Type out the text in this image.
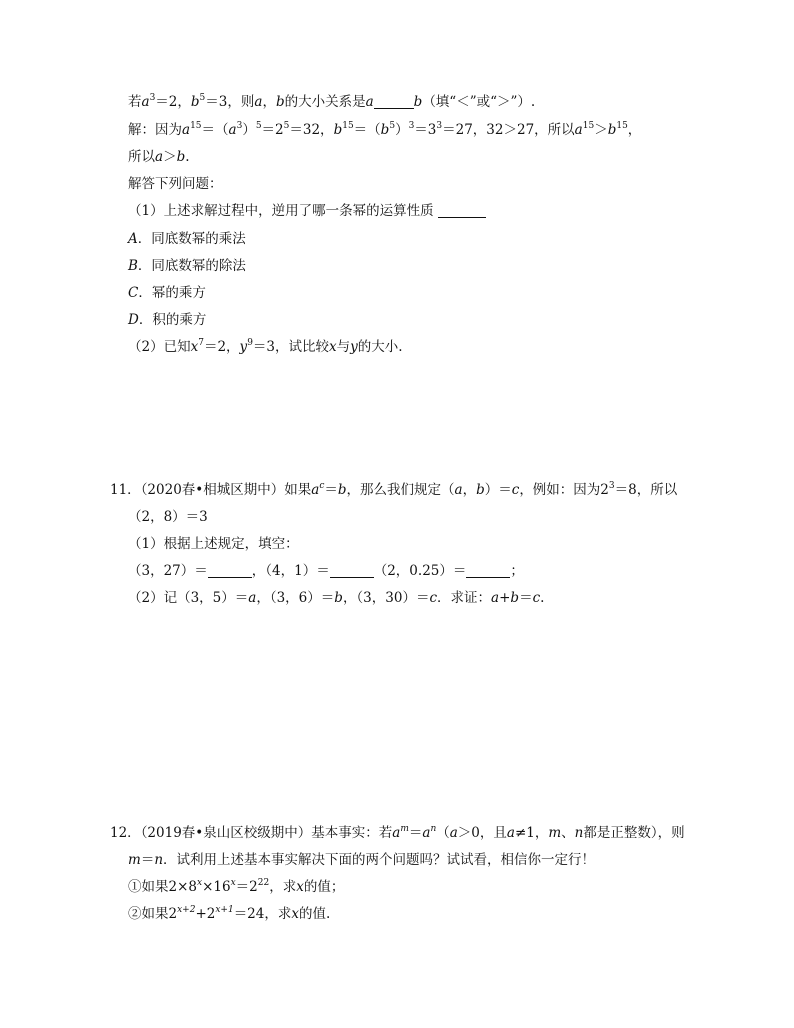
若$a^3=2$，$b^5=3$，则a，b的大小关系是a	b（填“＜”或“＞”）.
解：因为$a^{15}=(a^3)^5=2^5=32$，$b^{15}=(b^5)^3=3^3=27$，32＞27，所以$a^{15}>b^{15}$，
所以a＞b.
解答下列问题：
（1）上述求解过程中，逆用了哪一条幂的运算性质
A．同底数幂的乘法
B．同底数幂的除法
C．幂的乘方
D．积的乘方
（2）已知$x^7=2$，$y^9=3$，试比较x与y的大小.
11．（2020春•相城区期中）如果$a^c=b$，那么我们规定（a，b）＝c，例如：因为$2^3=8$，所以
（2，8）＝3
（1）根据上述规定，填空：
（3，27）＝	，（4，1）＝	（2，0.25）＝	；
（2）记（3，5）＝a，（3，6）＝b，（3，30）＝c．求证：a+b＝c.
12．（2019春•泉山区校级期中）基本事实：若$a^m=a^n(a>0$，且a≠1，m、n都是正整数），则
m＝n．试利用上述基本事实解决下面的两个问题吗？试试看，相信你一定行！
①如果$2\times 8^x\times 16^x=2^{22}$，求x的值；
②如果$2^{x+2}+2^{x+1}=24$，求x的值.
